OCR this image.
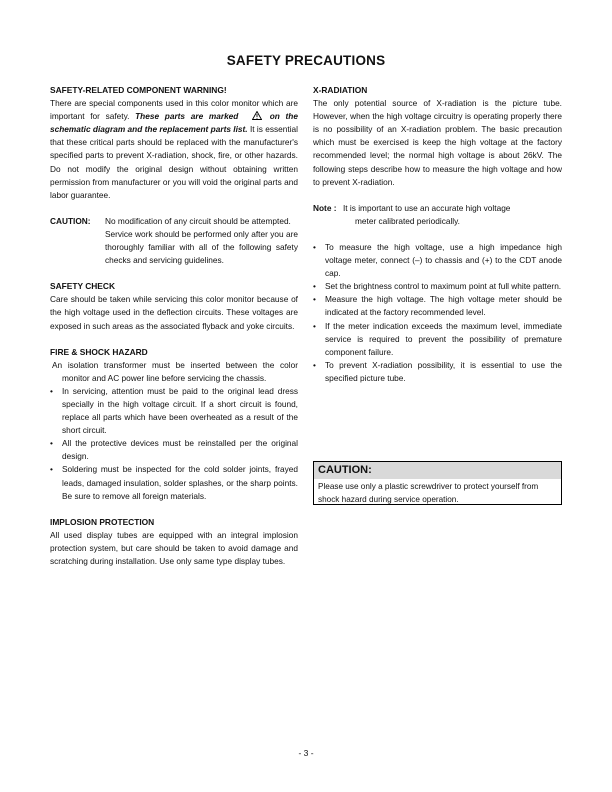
SAFETY PRECAUTIONS
SAFETY-RELATED COMPONENT WARNING!

There are special components used in this color monitor which are important for safety. These parts are marked	on the schematic diagram and the replacement parts list. It is essential that these critical parts should be replaced with the manufacturer's specified parts to prevent X-radiation, shock, fire, or other hazards. Do not modify the original design without obtaining written permission from manufacturer or you will void the original parts and labor guarantee.

CAUTION:	No modification of any circuit should be attempted.

Service work should be performed only after you are thoroughly familiar with all of the following safety checks and servicing guidelines.

SAFETY CHECK

Care should be taken while servicing this color monitor because of the high voltage used in the deflection circuits. These voltages are exposed in such areas as the associated flyback and yoke circuits.

FIRE & SHOCK HAZARD

An isolation transformer must be inserted between the color monitor and AC power line before servicing the chassis.

• In servicing, attention must be paid to the original lead dress specially in the high voltage circuit. If a short circuit is found, replace all parts which have been overheated as a result of the short circuit.
• All the protective devices must be reinstalled per the original design.
• Soldering must be inspected for the cold solder joints, frayed leads, damaged insulation, solder splashes, or the sharp points. Be sure to remove all foreign materials.
IMPLOSION PROTECTION

All used display tubes are equipped with an integral implosion protection system, but care should be taken to avoid damage and scratching during installation. Use only same type display tubes.

X-RADIATION

The only potential source of X-radiation is the picture tube. However, when the high voltage circuitry is operating properly there is no possibility of an X-radiation problem. The basic precaution which must be exercised is keep the high voltage at the factory recommended level; the normal high voltage is about 26kV. The following steps describe how to measure the high voltage and how to prevent X-radiation.

Note : It is important to use an accurate high voltage
meter calibrated periodically.
• To measure the high voltage, use a high impedance high voltage meter, connect (–) to chassis and (+) to the CDT anode cap.
• Set the brightness control to maximum point at full white pattern.
• Measure the high voltage. The high voltage meter should be indicated at the factory recommended level.
• If the meter indication exceeds the maximum level, immediate service is required to prevent the possibility of premature component failure.
• To prevent X-radiation possibility, it is essential to use the specified picture tube.
CAUTION:
Please use only a plastic screwdriver to protect yourself from shock hazard during service operation.
- 3 -
